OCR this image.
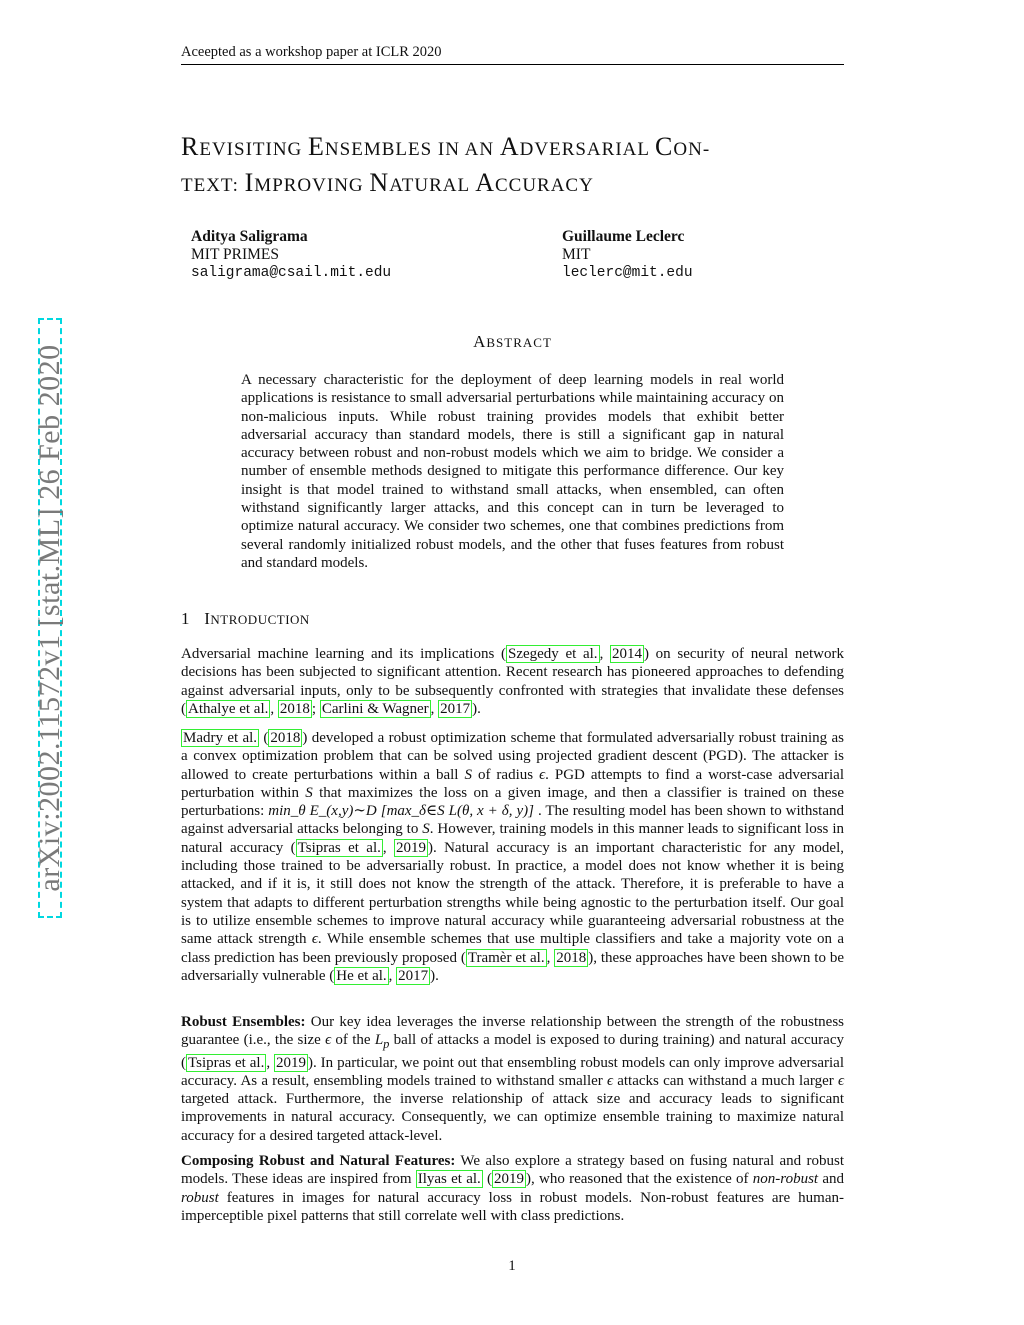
Aceepted as a workshop paper at ICLR 2020
arXiv:2002.11572v1 [stat.ML] 26 Feb 2020
REVISITING ENSEMBLES IN AN ADVERSARIAL CON-
TEXT: IMPROVING NATURAL ACCURACY
Aditya Saligrama
MIT PRIMES
saligrama@csail.mit.edu
Guillaume Leclerc
MIT
leclerc@mit.edu
ABSTRACT
A necessary characteristic for the deployment of deep learning models in real world applications is resistance to small adversarial perturbations while maintaining accuracy on non-malicious inputs. While robust training provides models that exhibit better adversarial accuracy than standard models, there is still a significant gap in natural accuracy between robust and non-robust models which we aim to bridge. We consider a number of ensemble methods designed to mitigate this performance difference. Our key insight is that model trained to withstand small attacks, when ensembled, can often withstand significantly larger attacks, and this concept can in turn be leveraged to optimize natural accuracy. We consider two schemes, one that combines predictions from several randomly initialized robust models, and the other that fuses features from robust and standard models.
1 INTRODUCTION
Adversarial machine learning and its implications ( Szegedy et al. , 2014 ) on security of neural network decisions has been subjected to significant attention. Recent research has pioneered approaches to defending against adversarial inputs, only to be subsequently confronted with strategies that invalidate these defenses ( Athalye et al. , 2018 ; Carlini & Wagner , 2017 ).
Madry et al. ( 2018 ) developed a robust optimization scheme that formulated adversarially robust training as a convex optimization problem that can be solved using projected gradient descent (PGD). The attacker is allowed to create perturbations within a ball S of radius ϵ. PGD attempts to find a worst-case adversarial perturbation within S that maximizes the loss on a given image, and then a classifier is trained on these perturbations: min_θ E_(x,y)∼D [max_δ∈S L(θ, x + δ, y)] . The resulting model has been shown to withstand against adversarial attacks belonging to S. However, training models in this manner leads to significant loss in natural accuracy ( Tsipras et al. , 2019 ). Natural accuracy is an important characteristic for any model, including those trained to be adversarially robust. In practice, a model does not know whether it is being attacked, and if it is, it still does not know the strength of the attack. Therefore, it is preferable to have a system that adapts to different perturbation strengths while being agnostic to the perturbation itself. Our goal is to utilize ensemble schemes to improve natural accuracy while guaranteeing adversarial robustness at the same attack strength ϵ. While ensemble schemes that use multiple classifiers and take a majority vote on a class prediction has been previously proposed ( Tramèr et al. , 2018 ), these approaches have been shown to be adversarially vulnerable ( He et al. , 2017 ).
Robust Ensembles: Our key idea leverages the inverse relationship between the strength of the robustness guarantee (i.e., the size ϵ of the $L_p$ ball of attacks a model is exposed to during training) and natural accuracy ( Tsipras et al. , 2019 ). In particular, we point out that ensembling robust models can only improve adversarial accuracy. As a result, ensembling models trained to withstand smaller ϵ attacks can withstand a much larger ϵ targeted attack. Furthermore, the inverse relationship of attack size and accuracy leads to significant improvements in natural accuracy. Consequently, we can optimize ensemble training to maximize natural accuracy for a desired targeted attack-level.
Composing Robust and Natural Features: We also explore a strategy based on fusing natural and robust models. These ideas are inspired from Ilyas et al. ( 2019 ), who reasoned that the existence of non-robust and robust features in images for natural accuracy loss in robust models. Non-robust features are human-imperceptible pixel patterns that still correlate well with class predictions.
1
